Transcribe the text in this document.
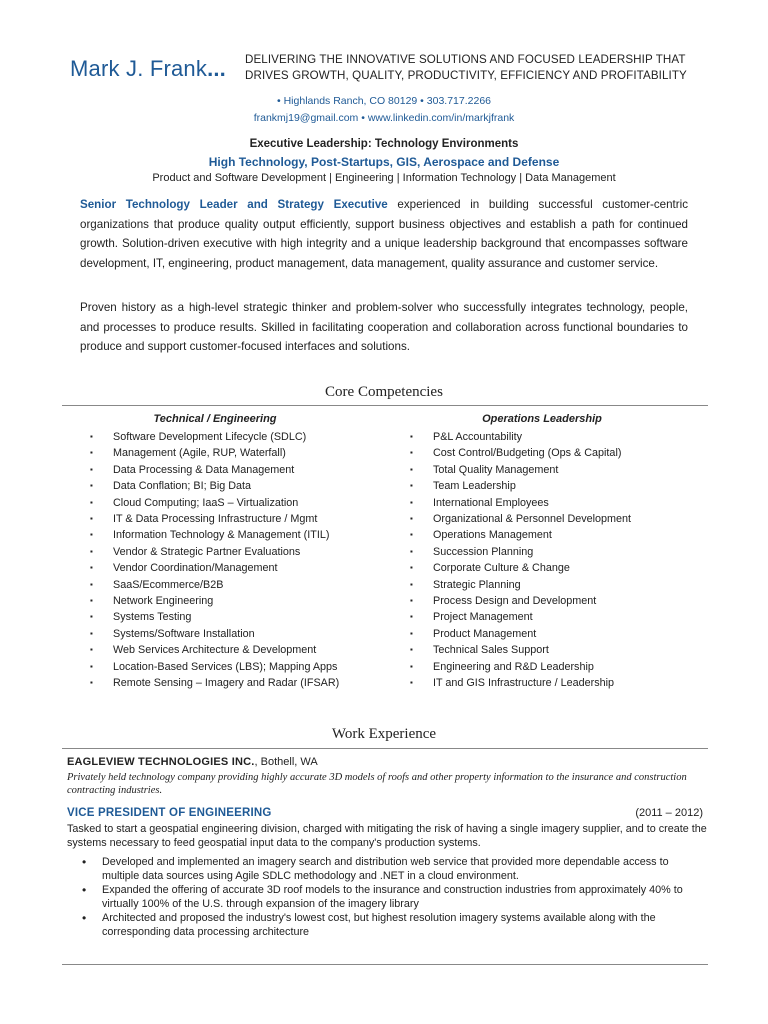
Mark J. Frank... DELIVERING THE INNOVATIVE SOLUTIONS AND FOCUSED LEADERSHIP THAT
DRIVES GROWTH, QUALITY, PRODUCTIVITY, EFFICIENCY AND PROFITABILITY
• Highlands Ranch, CO 80129 • 303.717.2266
frankmj19@gmail.com • www.linkedin.com/in/markjfrank
Executive Leadership: Technology Environments
High Technology, Post-Startups, GIS, Aerospace and Defense
Product and Software Development | Engineering | Information Technology | Data Management
Senior Technology Leader and Strategy Executive experienced in building successful customer-centric organizations that produce quality output efficiently, support business objectives and establish a path for continued growth. Solution-driven executive with high integrity and a unique leadership background that encompasses software development, IT, engineering, product management, data management, quality assurance and customer service.
Proven history as a high-level strategic thinker and problem-solver who successfully integrates technology, people, and processes to produce results. Skilled in facilitating cooperation and collaboration across functional boundaries to produce and support customer-focused interfaces and solutions.
Core Competencies
Technical / Engineering	Operations Leadership
▪ Software Development Lifecycle (SDLC)
▪ Management (Agile, RUP, Waterfall)
▪ Data Processing & Data Management
▪ Data Conflation; BI; Big Data
▪ Cloud Computing; IaaS – Virtualization
▪ IT & Data Processing Infrastructure / Mgmt
▪ Information Technology & Management (ITIL)
▪ Vendor & Strategic Partner Evaluations
▪ Vendor Coordination/Management
▪ SaaS/Ecommerce/B2B
▪ Network Engineering
▪ Systems Testing
▪ Systems/Software Installation
▪ Web Services Architecture & Development
▪ Location-Based Services (LBS); Mapping Apps
▪ Remote Sensing – Imagery and Radar (IFSAR)
▪ P&L Accountability
▪ Cost Control/Budgeting (Ops & Capital)
▪ Total Quality Management
▪ Team Leadership
▪ International Employees
▪ Organizational & Personnel Development
▪ Operations Management
▪ Succession Planning
▪ Corporate Culture & Change
▪ Strategic Planning
▪ Process Design and Development
▪ Project Management
▪ Product Management
▪ Technical Sales Support
▪ Engineering and R&D Leadership
▪ IT and GIS Infrastructure / Leadership
Work Experience
EAGLEVIEW TECHNOLOGIES INC., Bothell, WA
Privately held technology company providing highly accurate 3D models of roofs and other property information to the insurance and construction contracting industries.
VICE PRESIDENT OF ENGINEERING	(2011 – 2012)
Tasked to start a geospatial engineering division, charged with mitigating the risk of having a single imagery supplier, and to create the systems necessary to feed geospatial input data to the company's production systems.
• Developed and implemented an imagery search and distribution web service that provided more dependable access to multiple data sources using Agile SDLC methodology and .NET in a cloud environment.
• Expanded the offering of accurate 3D roof models to the insurance and construction industries from approximately 40% to virtually 100% of the U.S. through expansion of the imagery library
• Architected and proposed the industry's lowest cost, but highest resolution imagery systems available along with the corresponding data processing architecture
